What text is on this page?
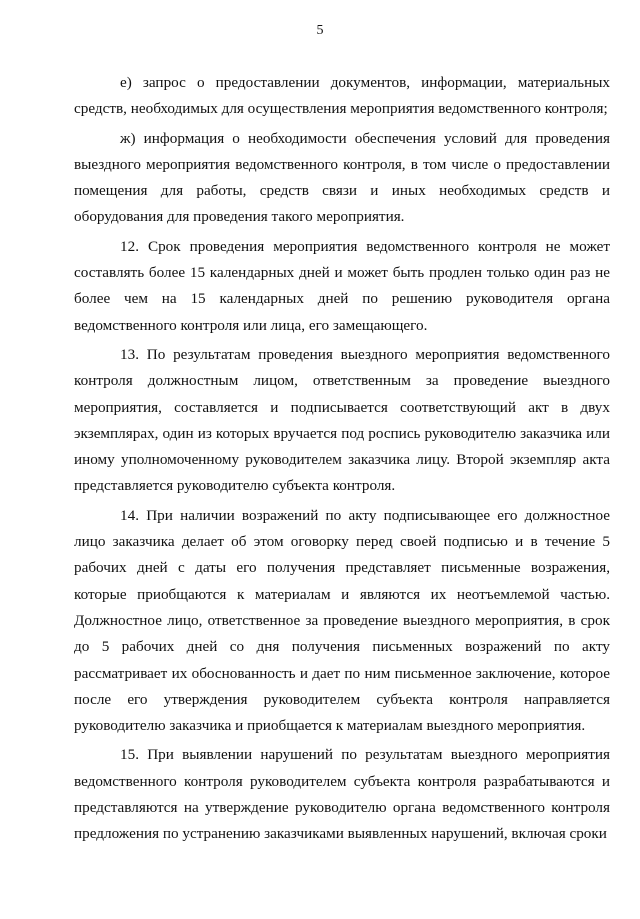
5

е) запрос о предоставлении документов, информации, материальных средств, необходимых для осуществления мероприятия ведомственного контроля;

ж) информация о необходимости обеспечения условий для проведения выездного мероприятия ведомственного контроля, в том числе о предоставлении помещения для работы, средств связи и иных необходимых средств и оборудования для проведения такого мероприятия.

12. Срок проведения мероприятия ведомственного контроля не может составлять более 15 календарных дней и может быть продлен только один раз не более чем на 15 календарных дней по решению руководителя органа ведомственного контроля или лица, его замещающего.

13. По результатам проведения выездного мероприятия ведомственного контроля должностным лицом, ответственным за проведение выездного мероприятия, составляется и подписывается соответствующий акт в двух экземплярах, один из которых вручается под роспись руководителю заказчика или иному уполномоченному руководителем заказчика лицу. Второй экземпляр акта представляется руководителю субъекта контроля.

14. При наличии возражений по акту подписывающее его должностное лицо заказчика делает об этом оговорку перед своей подписью и в течение 5 рабочих дней с даты его получения представляет письменные возражения, которые приобщаются к материалам и являются их неотъемлемой частью. Должностное лицо, ответственное за проведение выездного мероприятия, в срок до 5 рабочих дней со дня получения письменных возражений по акту рассматривает их обоснованность и дает по ним письменное заключение, которое после его утверждения руководителем субъекта контроля направляется руководителю заказчика и приобщается к материалам выездного мероприятия.

15. При выявлении нарушений по результатам выездного мероприятия ведомственного контроля руководителем субъекта контроля разрабатываются и представляются на утверждение руководителю органа ведомственного контроля предложения по устранению заказчиками выявленных нарушений, включая сроки
